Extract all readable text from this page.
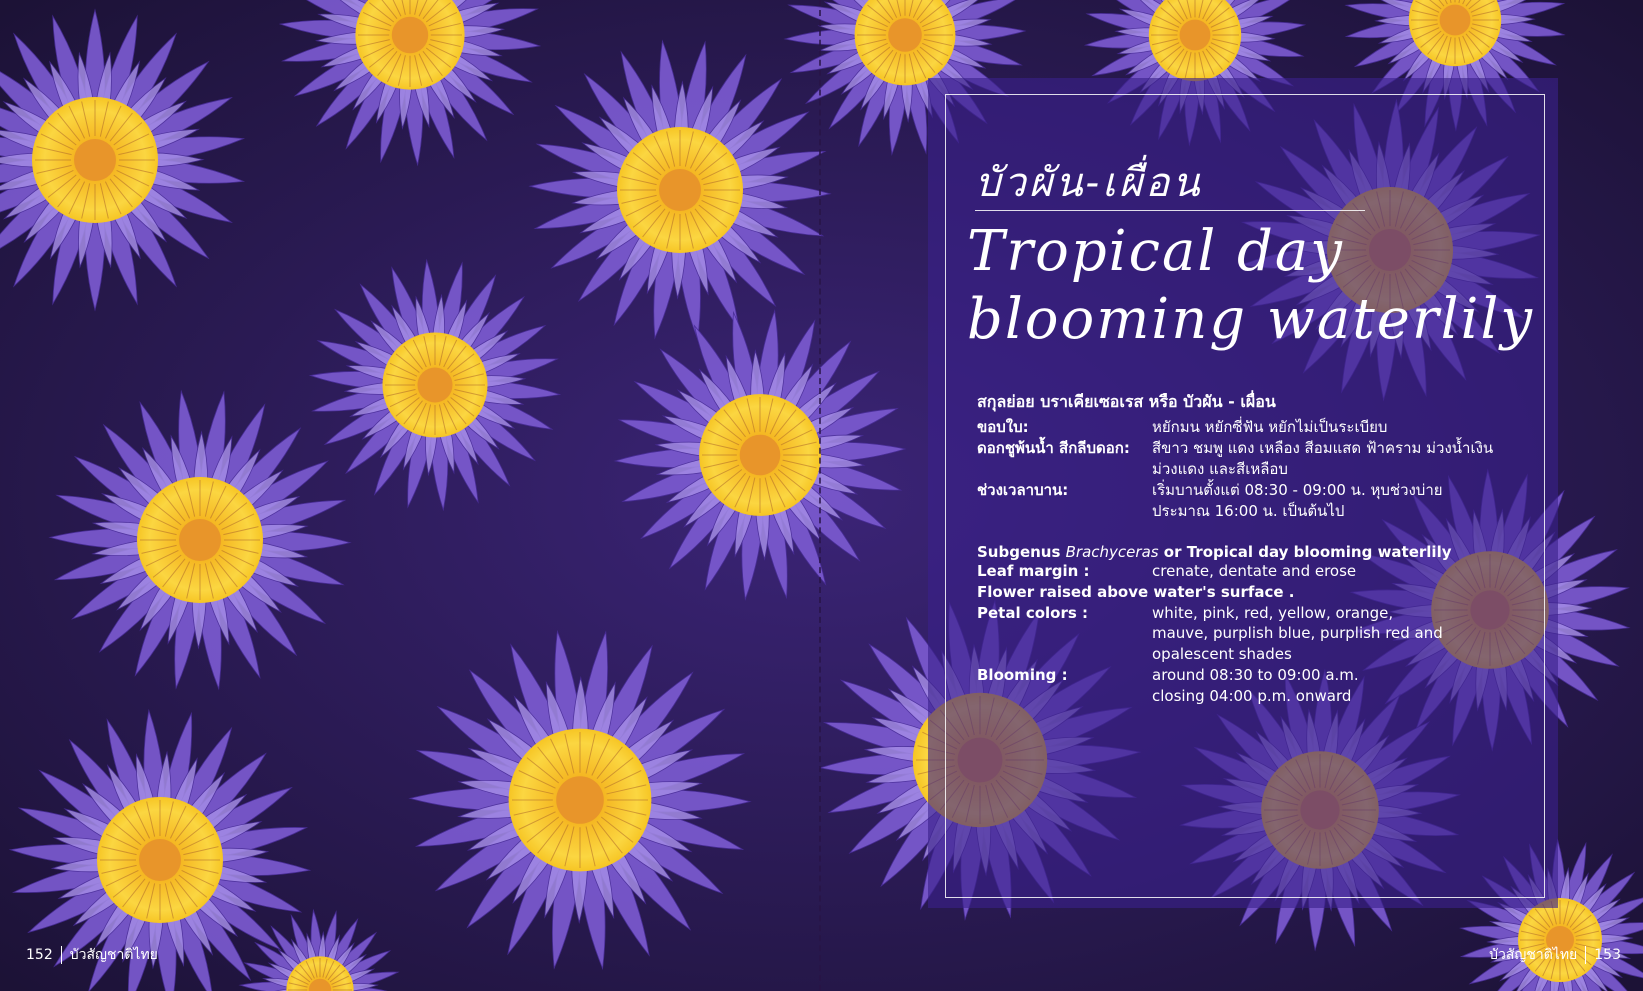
บัวผัน-เผื่อน
Tropical day
blooming waterlily
สกุลย่อย บราเคียเซอเรส หรือ บัวผัน - เผื่อน
ขอบใบ:	หยักมน หยักซี่ฟัน หยักไม่เป็นระเบียบ
ดอกชูพ้นน้ำ สีกลีบดอก:	สีขาว ชมพู แดง เหลือง สีอมแสด ฟ้าคราม ม่วงน้ำเงิน
ม่วงแดง และสีเหลือบ
ช่วงเวลาบาน:	เริ่มบานตั้งแต่ 08:30 - 09:00 น. หุบช่วงบ่าย
ประมาณ 16:00 น. เป็นต้นไป
Subgenus Brachyceras or Tropical day blooming waterlily
Leaf margin :	crenate, dentate and erose
Flower raised above water's surface .
Petal colors :	white, pink, red, yellow, orange,
mauve, purplish blue, purplish red and
opalescent shades
Blooming :	around 08:30 to 09:00 a.m.
closing 04:00 p.m. onward
152 บัวสัญชาติไทย	บัวสัญชาติไทย 153
